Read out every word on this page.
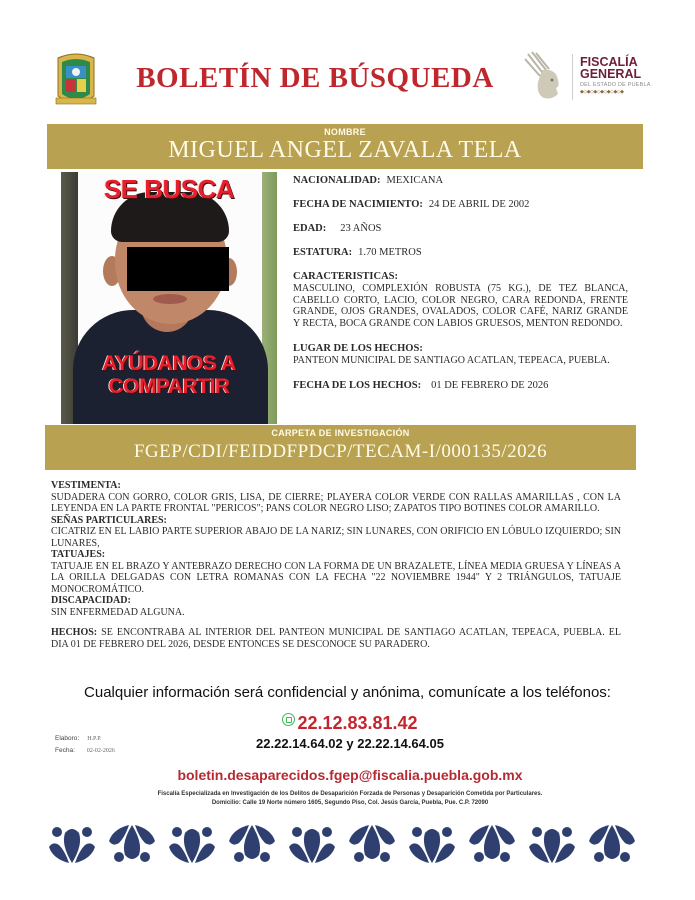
BOLETÍN DE BÚSQUEDA	FISCALÍA
GENERAL
DEL ESTADO DE PUEBLA
◆◇◆◇◆◇◆◇◆◇◆◇◆
NOMBRE
MIGUEL ANGEL ZAVALA TELA
SE BUSCA
AYÚDANOS A
COMPARTIR
NACIONALIDAD: MEXICANA
FECHA DE NACIMIENTO: 24 DE ABRIL DE 2002
EDAD: 23 AÑOS
ESTATURA: 1.70 METROS
CARACTERISTICAS:
MASCULINO, COMPLEXIÓN ROBUSTA (75 KG.), DE TEZ BLANCA, CABELLO CORTO, LACIO, COLOR NEGRO, CARA REDONDA, FRENTE GRANDE, OJOS GRANDES, OVALADOS, COLOR CAFÉ, NARIZ GRANDE Y RECTA, BOCA GRANDE CON LABIOS GRUESOS, MENTON REDONDO.
LUGAR DE LOS HECHOS:
PANTEON MUNICIPAL DE SANTIAGO ACATLAN, TEPEACA, PUEBLA.
FECHA DE LOS HECHOS: 01 DE FEBRERO DE 2026
CARPETA DE INVESTIGACIÓN
FGEP/CDI/FEIDDFPDCP/TECAM-I/000135/2026
VESTIMENTA:
SUDADERA CON GORRO, COLOR GRIS, LISA, DE CIERRE; PLAYERA COLOR VERDE CON RALLAS AMARILLAS , CON LA LEYENDA EN LA PARTE FRONTAL "PERICOS"; PANS COLOR NEGRO LISO; ZAPATOS TIPO BOTINES COLOR AMARILLO.
SEÑAS PARTICULARES:
CICATRIZ EN EL LABIO PARTE SUPERIOR ABAJO DE LA NARIZ; SIN LUNARES, CON ORIFICIO EN LÓBULO IZQUIERDO; SIN LUNARES,
TATUAJES:
TATUAJE EN EL BRAZO Y ANTEBRAZO DERECHO CON LA FORMA DE UN BRAZALETE, LÍNEA MEDIA GRUESA Y LÍNEAS A LA ORILLA DELGADAS CON LETRA ROMANAS CON LA FECHA "22 NOVIEMBRE 1944" Y 2 TRIÁNGULOS, TATUAJE MONOCROMÁTICO.
DISCAPACIDAD:
SIN ENFERMEDAD ALGUNA.
HECHOS: SE ENCONTRABA AL INTERIOR DEL PANTEON MUNICIPAL DE SANTIAGO ACATLAN, TEPEACA, PUEBLA. EL DIA 01 DE FEBRERO DEL 2026, DESDE ENTONCES SE DESCONOCE SU PARADERO.
Cualquier información será confidencial y anónima, comunícate a los teléfonos:
22.12.83.81.42
22.22.14.64.02 y 22.22.14.64.05
Elaboro: H.P.P.
Fecha: 02-02-2026
boletin.desaparecidos.fgep@fiscalia.puebla.gob.mx
Fiscalía Especializada en Investigación de los Delitos de Desaparición Forzada de Personas y Desaparición Cometida por Particulares.
Domicilio: Calle 19 Norte número 1605, Segundo Piso, Col. Jesús García, Puebla, Pue. C.P. 72090
